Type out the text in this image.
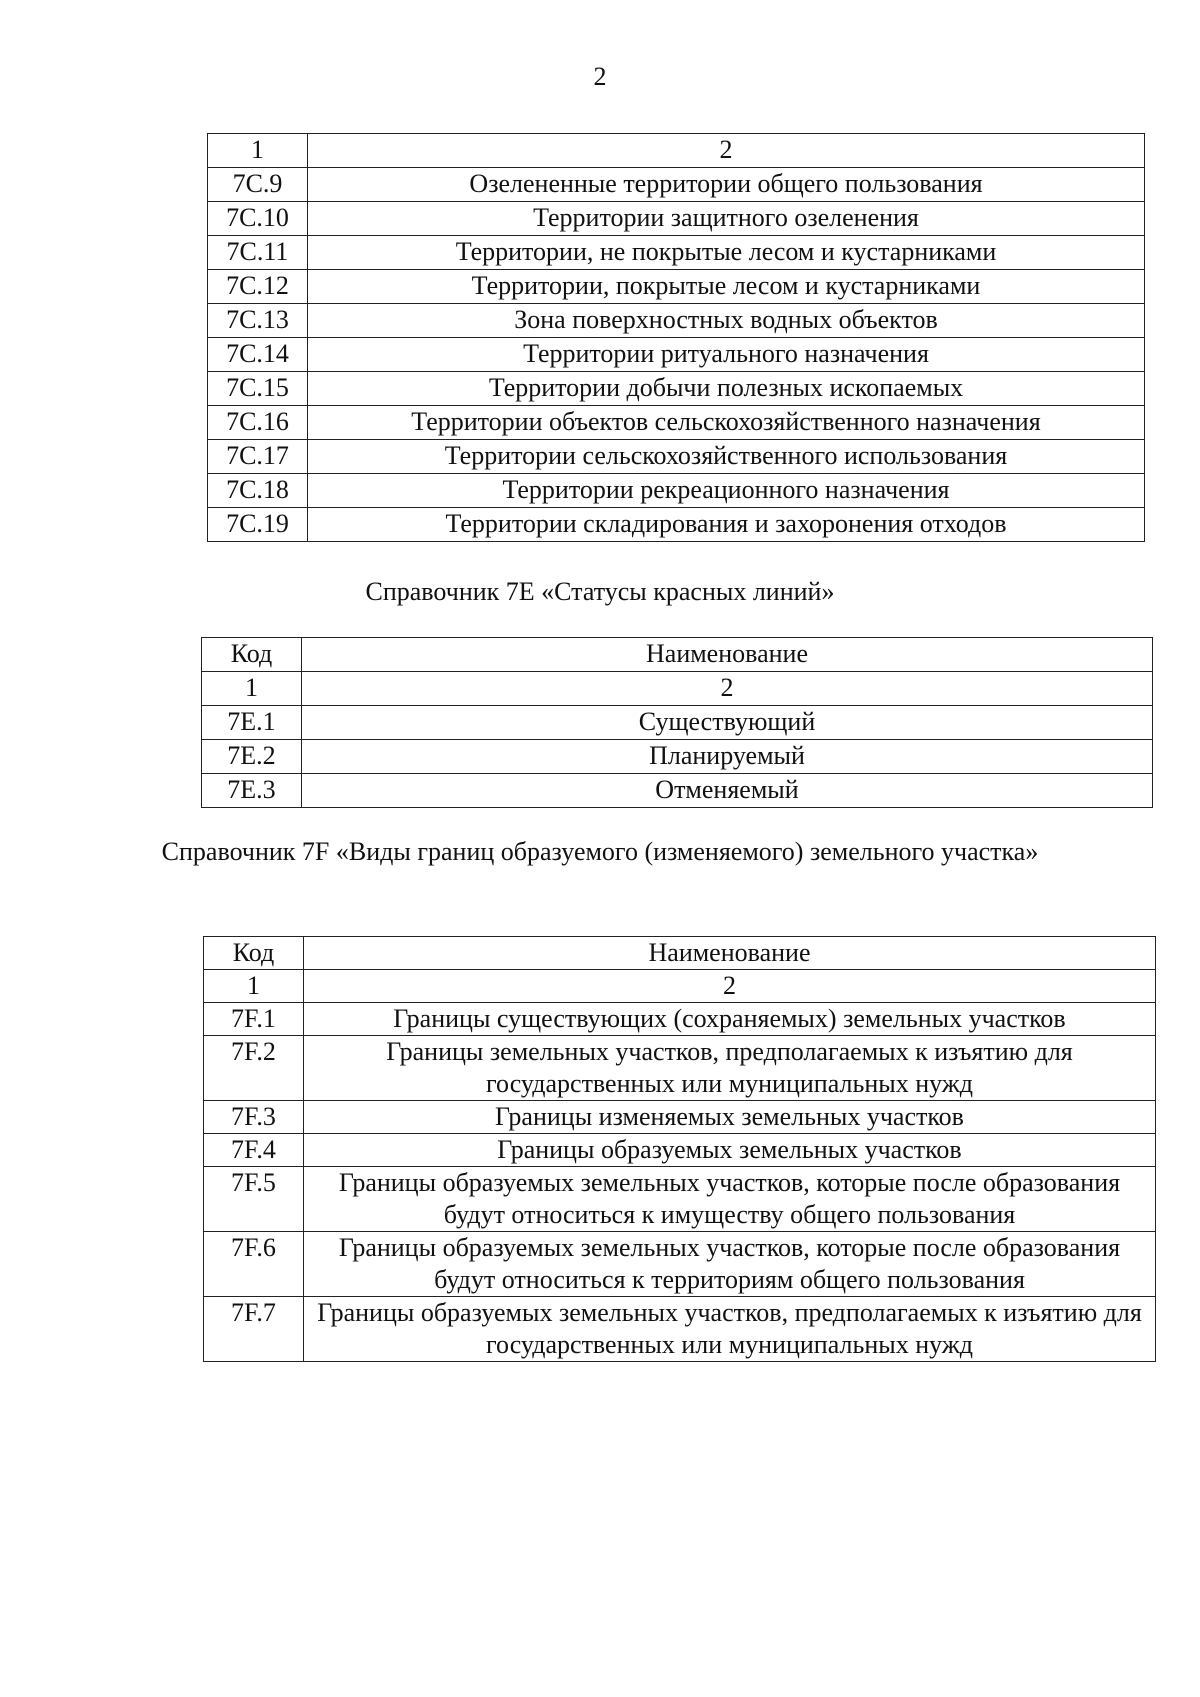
2
1	2
7C.9	Озелененные территории общего пользования
7C.10	Территории защитного озеленения
7C.11	Территории, не покрытые лесом и кустарниками
7C.12	Территории, покрытые лесом и кустарниками
7C.13	Зона поверхностных водных объектов
7C.14	Территории ритуального назначения
7C.15	Территории добычи полезных ископаемых
7C.16	Территории объектов сельскохозяйственного назначения
7C.17	Территории сельскохозяйственного использования
7C.18	Территории рекреационного назначения
7C.19	Территории складирования и захоронения отходов
Справочник 7E «Статусы красных линий»
Код	Наименование
1	2
7E.1	Существующий
7E.2	Планируемый
7E.3	Отменяемый
Справочник 7F «Виды границ образуемого (изменяемого) земельного участка»
Код	Наименование
1	2
7F.1	Границы существующих (сохраняемых) земельных участков
7F.2	Границы земельных участков, предполагаемых к изъятию для государственных или муниципальных нужд
7F.3	Границы изменяемых земельных участков
7F.4	Границы образуемых земельных участков
7F.5	Границы образуемых земельных участков, которые после образования будут относиться к имуществу общего пользования
7F.6	Границы образуемых земельных участков, которые после образования будут относиться к территориям общего пользования
7F.7	Границы образуемых земельных участков, предполагаемых к изъятию для государственных или муниципальных нужд
